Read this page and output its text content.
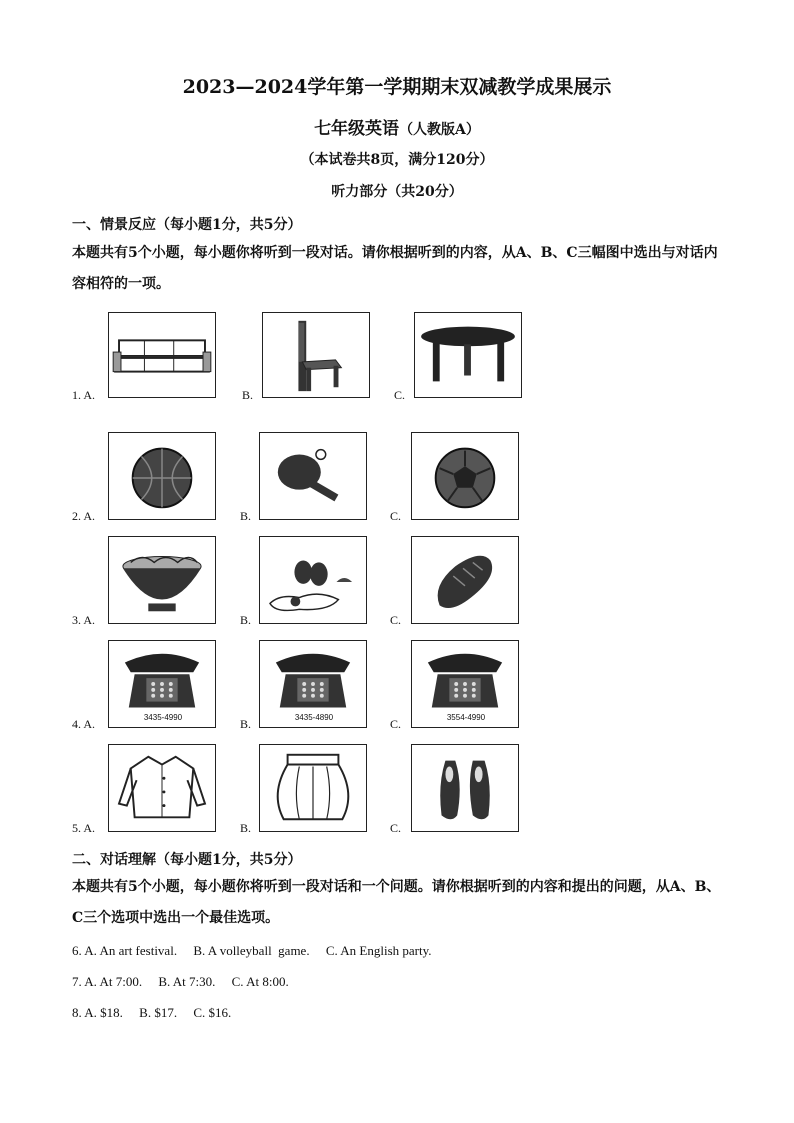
2023—2024学年第一学期期末双减教学成果展示
七年级英语（人教版A）
（本试卷共8页，满分120分）
听力部分（共20分）
一、情景反应（每小题1分，共5分）
本题共有5个小题，每小题你将听到一段对话。请你根据听到的内容，从A、B、C三幅图中选出与对话内容相符的一项。
1. A.	B.	C.
2. A.	B.	C.
3. A.	B.	C.
4. A.	3435-4990	B.	3435-4890	C.	3554-4990
5. A.	B.	C.
二、对话理解（每小题1分，共5分）
本题共有5个小题，每小题你将听到一段对话和一个问题。请你根据听到的内容和提出的问题，从A、B、C三个选项中选出一个最佳选项。
6. A. An art festival.     B. A volleyball  game.     C. An English party.
7. A. At 7:00.     B. At 7:30.     C. At 8:00.
8. A. $18.     B. $17.     C. $16.
